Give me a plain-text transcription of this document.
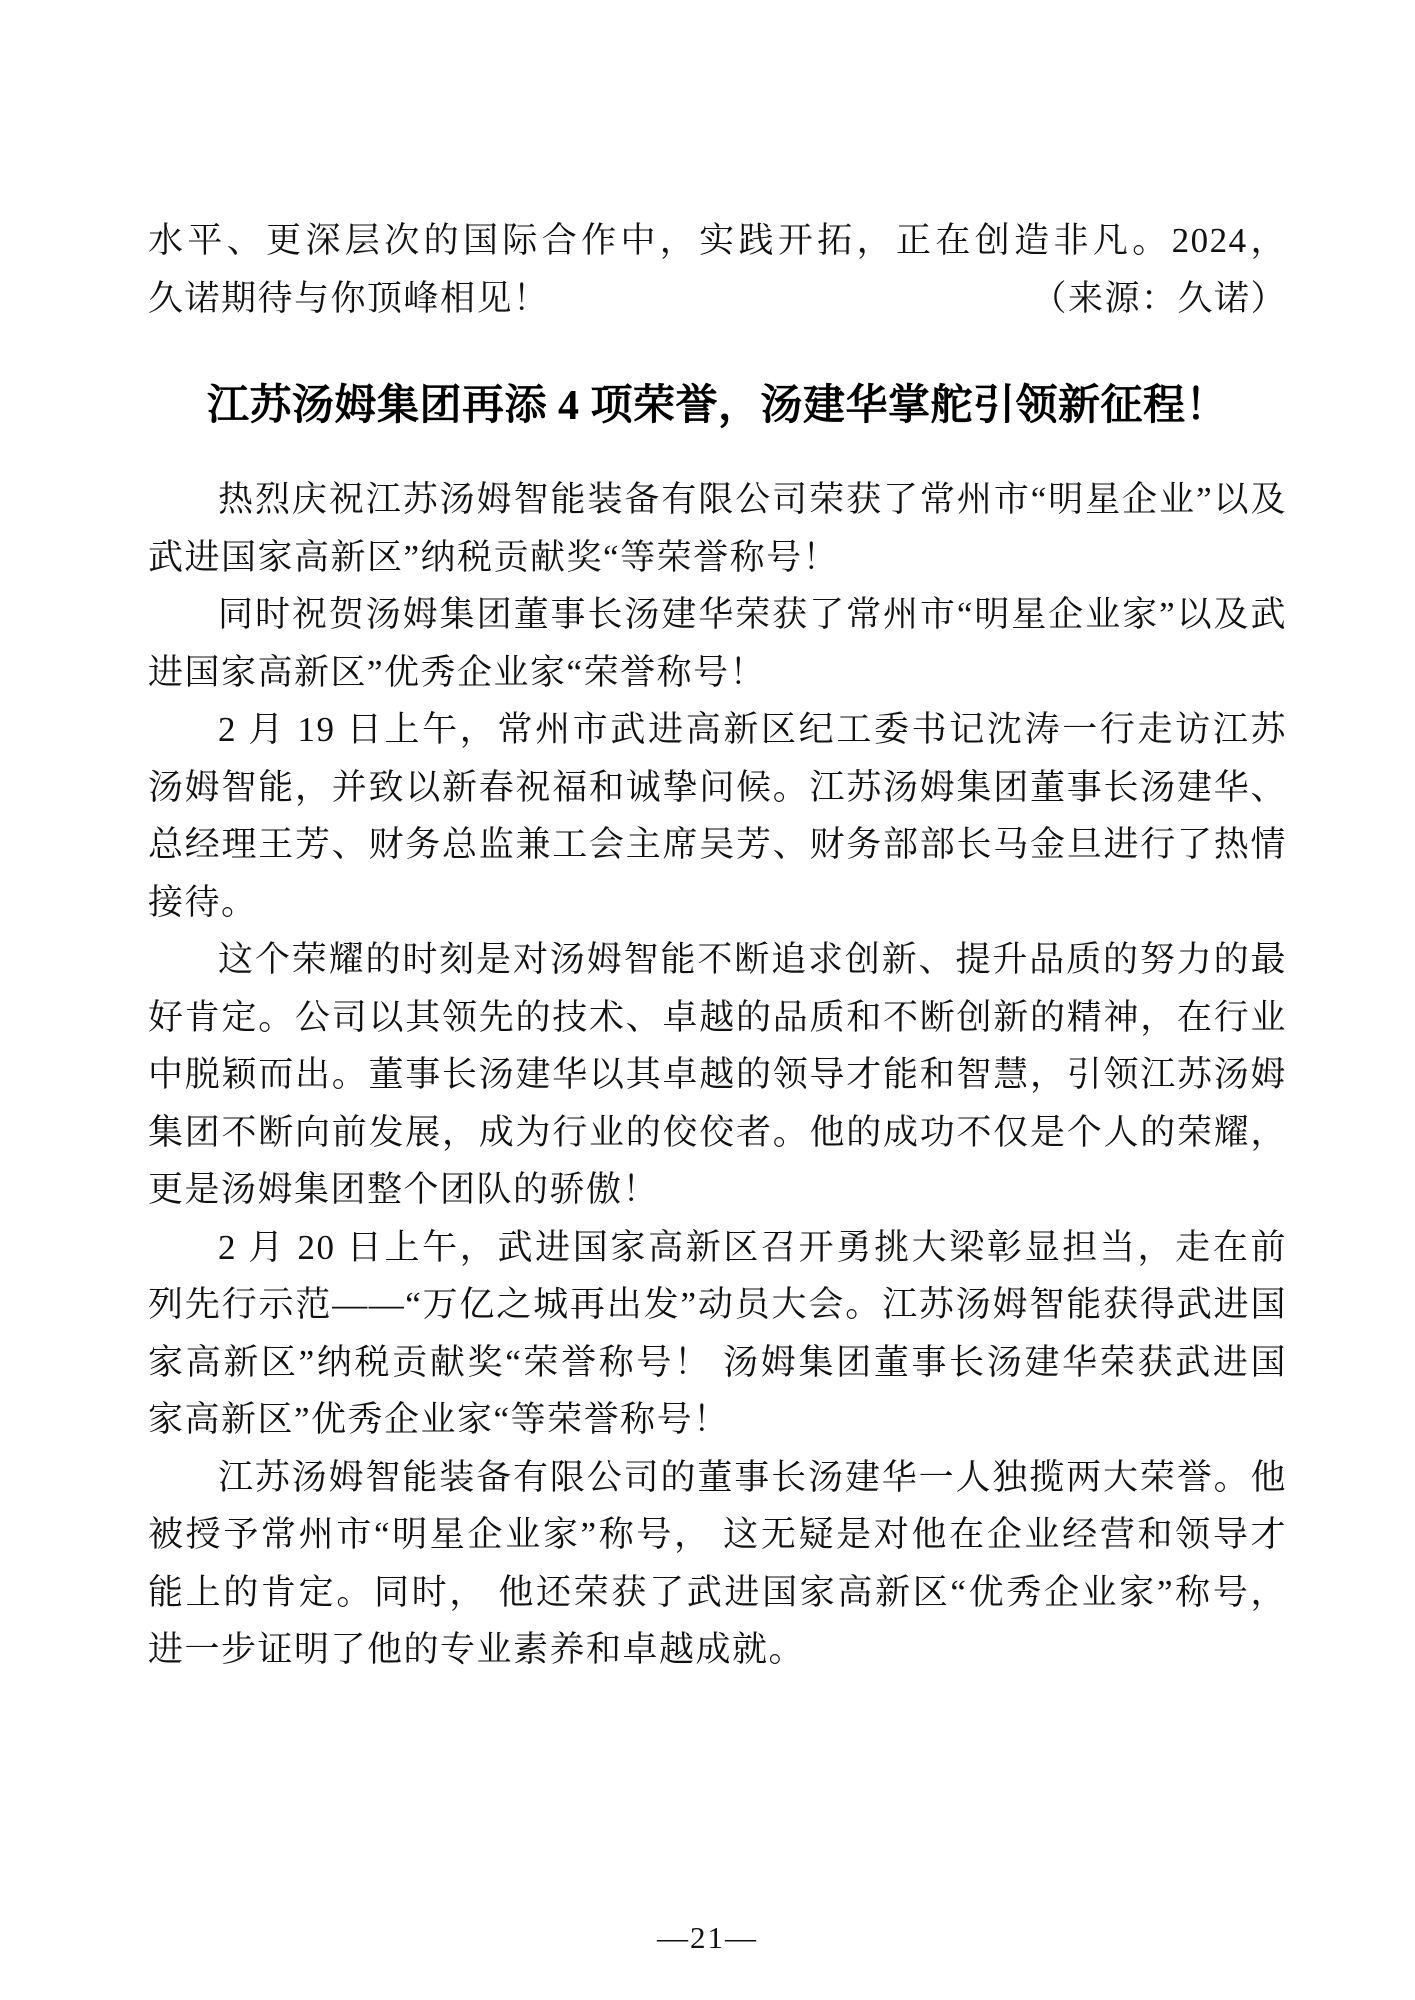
水平、更深层次的国际合作中，实践开拓，正在创造非凡。2024，

久诺期待与你顶峰相见！	（来源：久诺）
江苏汤姆集团再添 4 项荣誉，汤建华掌舵引领新征程！

热烈庆祝江苏汤姆智能装备有限公司荣获了常州市“明星企业”以及武进国家高新区”纳税贡献奖“等荣誉称号！

同时祝贺汤姆集团董事长汤建华荣获了常州市“明星企业家”以及武进国家高新区”优秀企业家“荣誉称号！

2 月 19 日上午，常州市武进高新区纪工委书记沈涛一行走访江苏汤姆智能，并致以新春祝福和诚挚问候。江苏汤姆集团董事长汤建华、总经理王芳、财务总监兼工会主席吴芳、财务部部长马金旦进行了热情接待。

这个荣耀的时刻是对汤姆智能不断追求创新、提升品质的努力的最好肯定。公司以其领先的技术、卓越的品质和不断创新的精神，在行业中脱颖而出。董事长汤建华以其卓越的领导才能和智慧，引领江苏汤姆集团不断向前发展，成为行业的佼佼者。他的成功不仅是个人的荣耀，更是汤姆集团整个团队的骄傲！

2 月 20 日上午，武进国家高新区召开勇挑大梁彰显担当，走在前列先行示范——“万亿之城再出发”动员大会。江苏汤姆智能获得武进国家高新区”纳税贡献奖“荣誉称号！ 汤姆集团董事长汤建华荣获武进国家高新区”优秀企业家“等荣誉称号！

江苏汤姆智能装备有限公司的董事长汤建华一人独揽两大荣誉。他被授予常州市“明星企业家”称号， 这无疑是对他在企业经营和领导才能上的肯定。同时， 他还荣获了武进国家高新区“优秀企业家”称号， 进一步证明了他的专业素养和卓越成就。

—21—
